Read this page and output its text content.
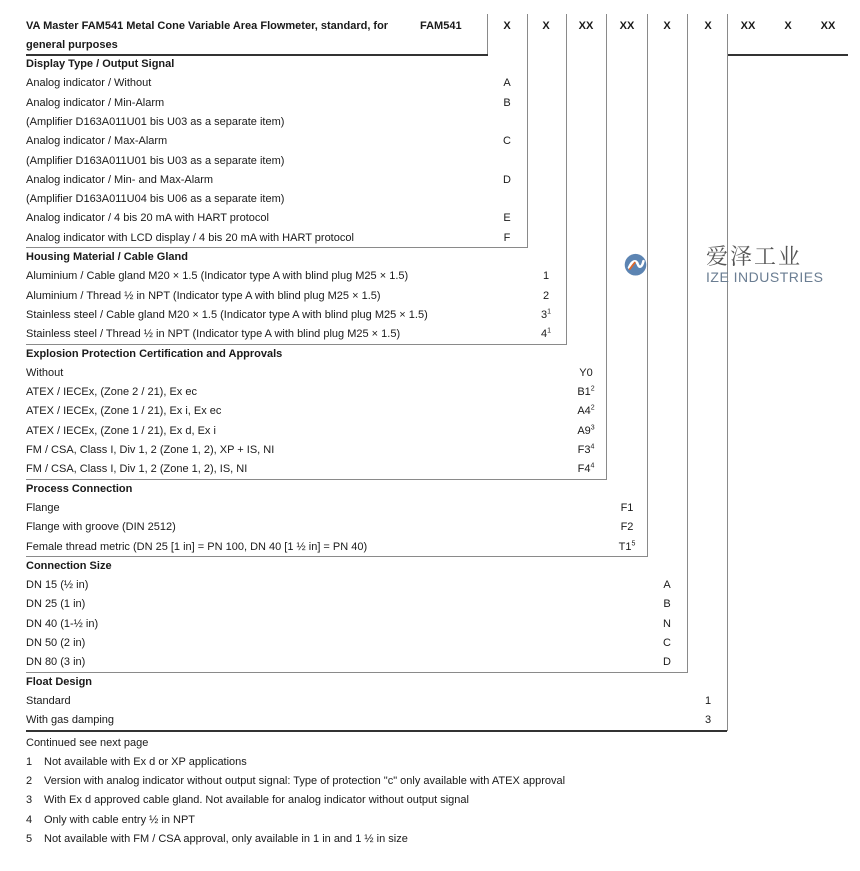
VA Master FAM541 Metal Cone Variable Area Flowmeter, standard, for general purposes
FAM541	X	X	XX	XX	X	X	XX	X	XX
Display Type / Output Signal
Analog indicator / Without	A
Analog indicator / Min-Alarm	B
(Amplifier D163A011U01 bis U03 as a separate item)
Analog indicator / Max-Alarm	C
(Amplifier D163A011U01 bis U03 as a separate item)
Analog indicator / Min- and Max-Alarm	D
(Amplifier D163A011U04 bis U06 as a separate item)
Analog indicator / 4 bis 20 mA with HART protocol	E
Analog indicator with LCD display / 4 bis 20 mA with HART protocol	F
Housing Material / Cable Gland
Aluminium / Cable gland M20 × 1.5 (Indicator type A with blind plug M25 × 1.5)	1
Aluminium / Thread ½ in NPT (Indicator type A with blind plug M25 × 1.5)	2
Stainless steel / Cable gland M20 × 1.5 (Indicator type A with blind plug M25 × 1.5)	$3^1$
Stainless steel / Thread ½ in NPT (Indicator type A with blind plug M25 × 1.5)	$4^1$
Explosion Protection Certification and Approvals
Without	Y0
ATEX / IECEx, (Zone 2 / 21), Ex ec	$B1^2$
ATEX / IECEx, (Zone 1 / 21), Ex i, Ex ec	$A4^2$
ATEX / IECEx, (Zone 1 / 21), Ex d, Ex i	$A9^3$
FM / CSA, Class I, Div 1, 2 (Zone 1, 2), XP + IS, NI	$F3^4$
FM / CSA, Class I, Div 1, 2 (Zone 1, 2), IS, NI	$F4^4$
Process Connection
Flange	F1
Flange with groove (DIN 2512)	F2
Female thread metric (DN 25 [1 in] = PN 100, DN 40 [1 ½ in] = PN 40)	$T1^5$
Connection Size
DN 15 (½ in)	A
DN 25 (1 in)	B
DN 40 (1-½ in)	N
DN 50 (2 in)	C
DN 80 (3 in)	D
Float Design
Standard	1
With gas damping	3
爱泽工业
IZE INDUSTRIES
Continued see next page
1 Not available with Ex d or XP applications
2 Version with analog indicator without output signal: Type of protection "c" only available with ATEX approval
3 With Ex d approved cable gland. Not available for analog indicator without output signal
4 Only with cable entry ½ in NPT
5 Not available with FM / CSA approval, only available in 1 in and 1 ½ in size
